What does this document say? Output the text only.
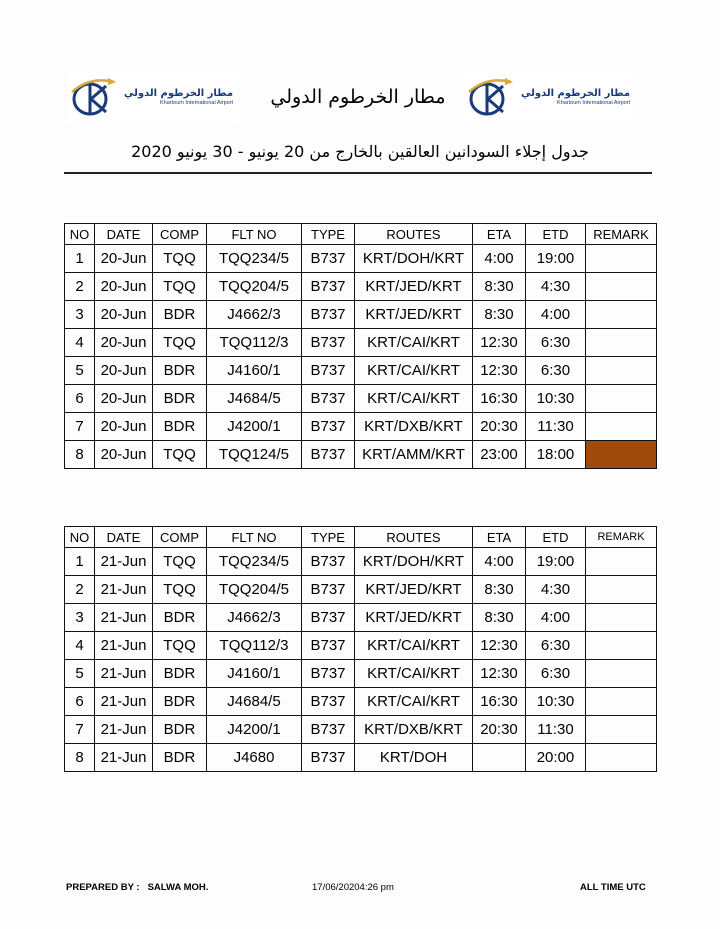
مطار الخرطوم الدولي
Khartoum International Airport	مطار الخرطوم الدولي	مطار الخرطوم الدولي
Khartoum International Airport
جدول إجلاء السودانين العالقين بالخارج من 20 يونيو - 30 يونيو 2020
NO	DATE	COMP	FLT NO	TYPE	ROUTES	ETA	ETD	REMARK
1	20-Jun	TQQ	TQQ234/5	B737	KRT/DOH/KRT	4:00	19:00	
2	20-Jun	TQQ	TQQ204/5	B737	KRT/JED/KRT	8:30	4:30	
3	20-Jun	BDR	J4662/3	B737	KRT/JED/KRT	8:30	4:00	
4	20-Jun	TQQ	TQQ112/3	B737	KRT/CAI/KRT	12:30	6:30	
5	20-Jun	BDR	J4160/1	B737	KRT/CAI/KRT	12:30	6:30	
6	20-Jun	BDR	J4684/5	B737	KRT/CAI/KRT	16:30	10:30	
7	20-Jun	BDR	J4200/1	B737	KRT/DXB/KRT	20:30	11:30	
8	20-Jun	TQQ	TQQ124/5	B737	KRT/AMM/KRT	23:00	18:00	
NO	DATE	COMP	FLT NO	TYPE	ROUTES	ETA	ETD	REMARK
1	21-Jun	TQQ	TQQ234/5	B737	KRT/DOH/KRT	4:00	19:00	
2	21-Jun	TQQ	TQQ204/5	B737	KRT/JED/KRT	8:30	4:30	
3	21-Jun	BDR	J4662/3	B737	KRT/JED/KRT	8:30	4:00	
4	21-Jun	TQQ	TQQ112/3	B737	KRT/CAI/KRT	12:30	6:30	
5	21-Jun	BDR	J4160/1	B737	KRT/CAI/KRT	12:30	6:30	
6	21-Jun	BDR	J4684/5	B737	KRT/CAI/KRT	16:30	10:30	
7	21-Jun	BDR	J4200/1	B737	KRT/DXB/KRT	20:30	11:30	
8	21-Jun	BDR	J4680	B737	KRT/DOH		20:00	
PREPARED BY : SALWA MOH.	17/06/20204:26 pm	ALL TIME UTC
